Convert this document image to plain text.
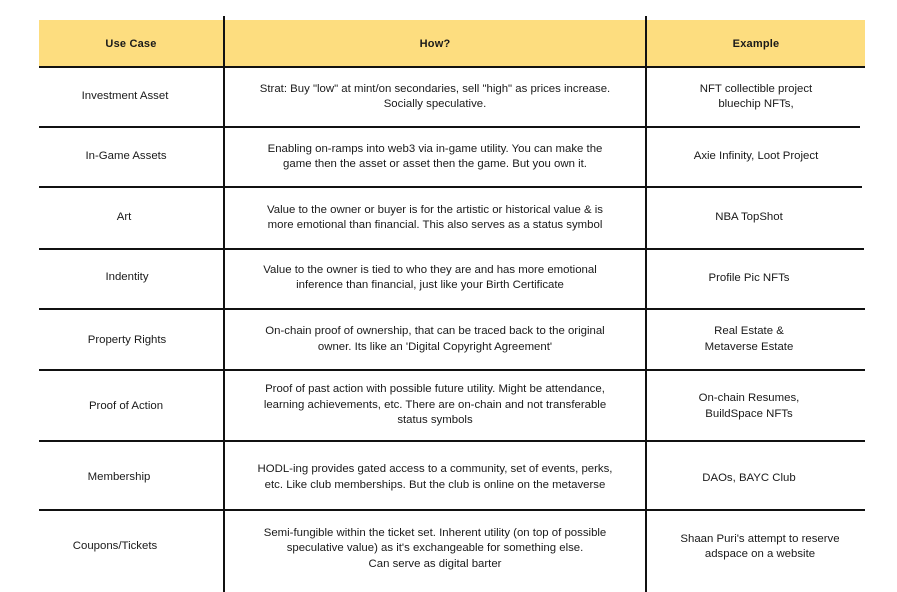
Use Case	How?	Example
Investment Asset
Strat: Buy "low" at mint/on secondaries, sell "high" as prices increase.
Socially speculative.
NFT collectible project
bluechip NFTs,
In-Game Assets
Enabling on-ramps into web3 via in-game utility. You can make the
game then the asset or asset then the game. But you own it.
Axie Infinity, Loot Project
Art
Value to the owner or buyer is for the artistic or historical value & is
more emotional than financial. This also serves as a status symbol
NBA TopShot
Indentity
Value to the owner is tied to who they are and has more emotional
inference than financial, just like your Birth Certificate
Profile Pic NFTs
Property Rights
On-chain proof of ownership, that can be traced back to the original
owner. Its like an 'Digital Copyright Agreement'
Real Estate &
Metaverse Estate
Proof of Action
Proof of past action with possible future utility. Might be attendance,
learning achievements, etc. There are on-chain and not transferable
status symbols
On-chain Resumes,
BuildSpace NFTs
Membership
HODL-ing provides gated access to a community, set of events, perks,
etc. Like club memberships. But the club is online on the metaverse
DAOs, BAYC Club
Coupons/Tickets
Semi-fungible within the ticket set. Inherent utility (on top of possible
speculative value) as it's exchangeable for something else.
Can serve as digital barter
Shaan Puri's attempt to reserve
adspace on a website
